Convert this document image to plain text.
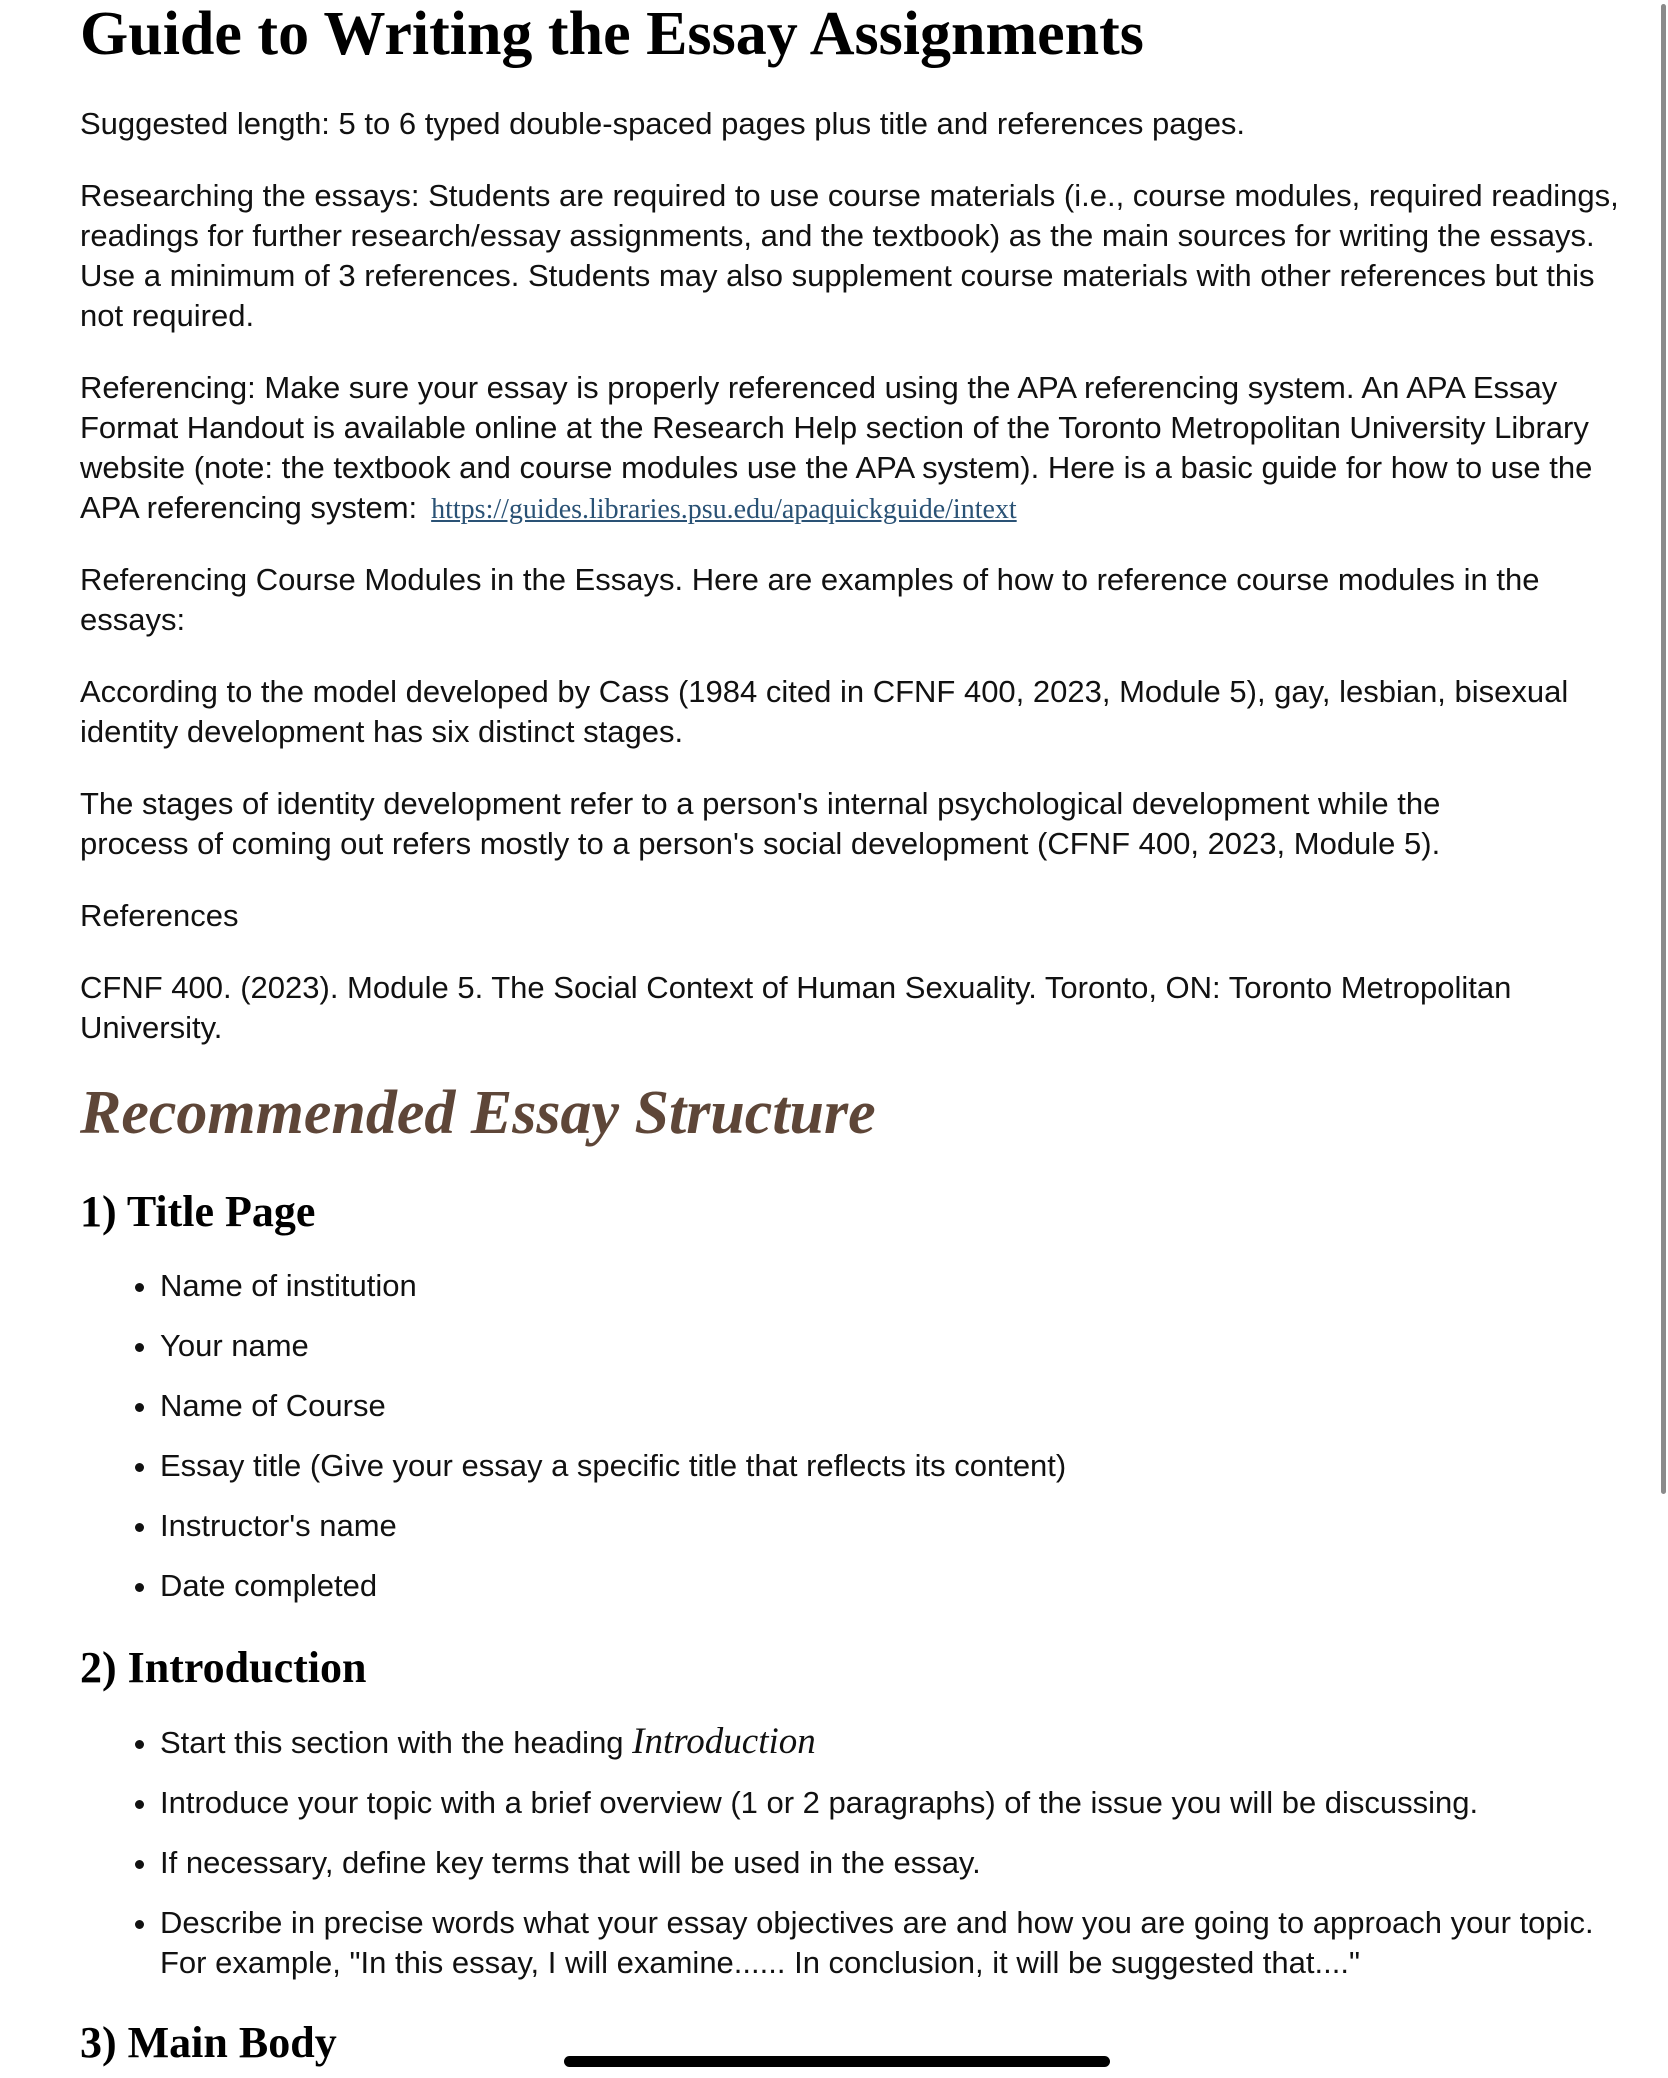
Guide to Writing the Essay Assignments

Suggested length: 5 to 6 typed double-spaced pages plus title and references pages.

Researching the essays: Students are required to use course materials (i.e., course modules, required readings, readings for further research/essay assignments, and the textbook) as the main sources for writing the essays. Use a minimum of 3 references. Students may also supplement course materials with other references but this not required.

Referencing: Make sure your essay is properly referenced using the APA referencing system. An APA Essay Format Handout is available online at the Research Help section of the Toronto Metropolitan University Library website (note: the textbook and course modules use the APA system). Here is a basic guide for how to use the APA referencing system: https://guides.libraries.psu.edu/apaquickguide/intext

Referencing Course Modules in the Essays. Here are examples of how to reference course modules in the essays:

According to the model developed by Cass (1984 cited in CFNF 400, 2023, Module 5), gay, lesbian, bisexual identity development has six distinct stages.

The stages of identity development refer to a person's internal psychological development while the process of coming out refers mostly to a person's social development (CFNF 400, 2023, Module 5).

References

CFNF 400. (2023). Module 5. The Social Context of Human Sexuality. Toronto, ON: Toronto Metropolitan University.

Recommended Essay Structure
1) Title Page
• Name of institution
• Your name
• Name of Course
• Essay title (Give your essay a specific title that reflects its content)
• Instructor's name
• Date completed
2) Introduction
• Start this section with the heading Introduction
• Introduce your topic with a brief overview (1 or 2 paragraphs) of the issue you will be discussing.
• If necessary, define key terms that will be used in the essay.
• Describe in precise words what your essay objectives are and how you are going to approach your topic. For example, "In this essay, I will examine...... In conclusion, it will be suggested that...."
3) Main Body
